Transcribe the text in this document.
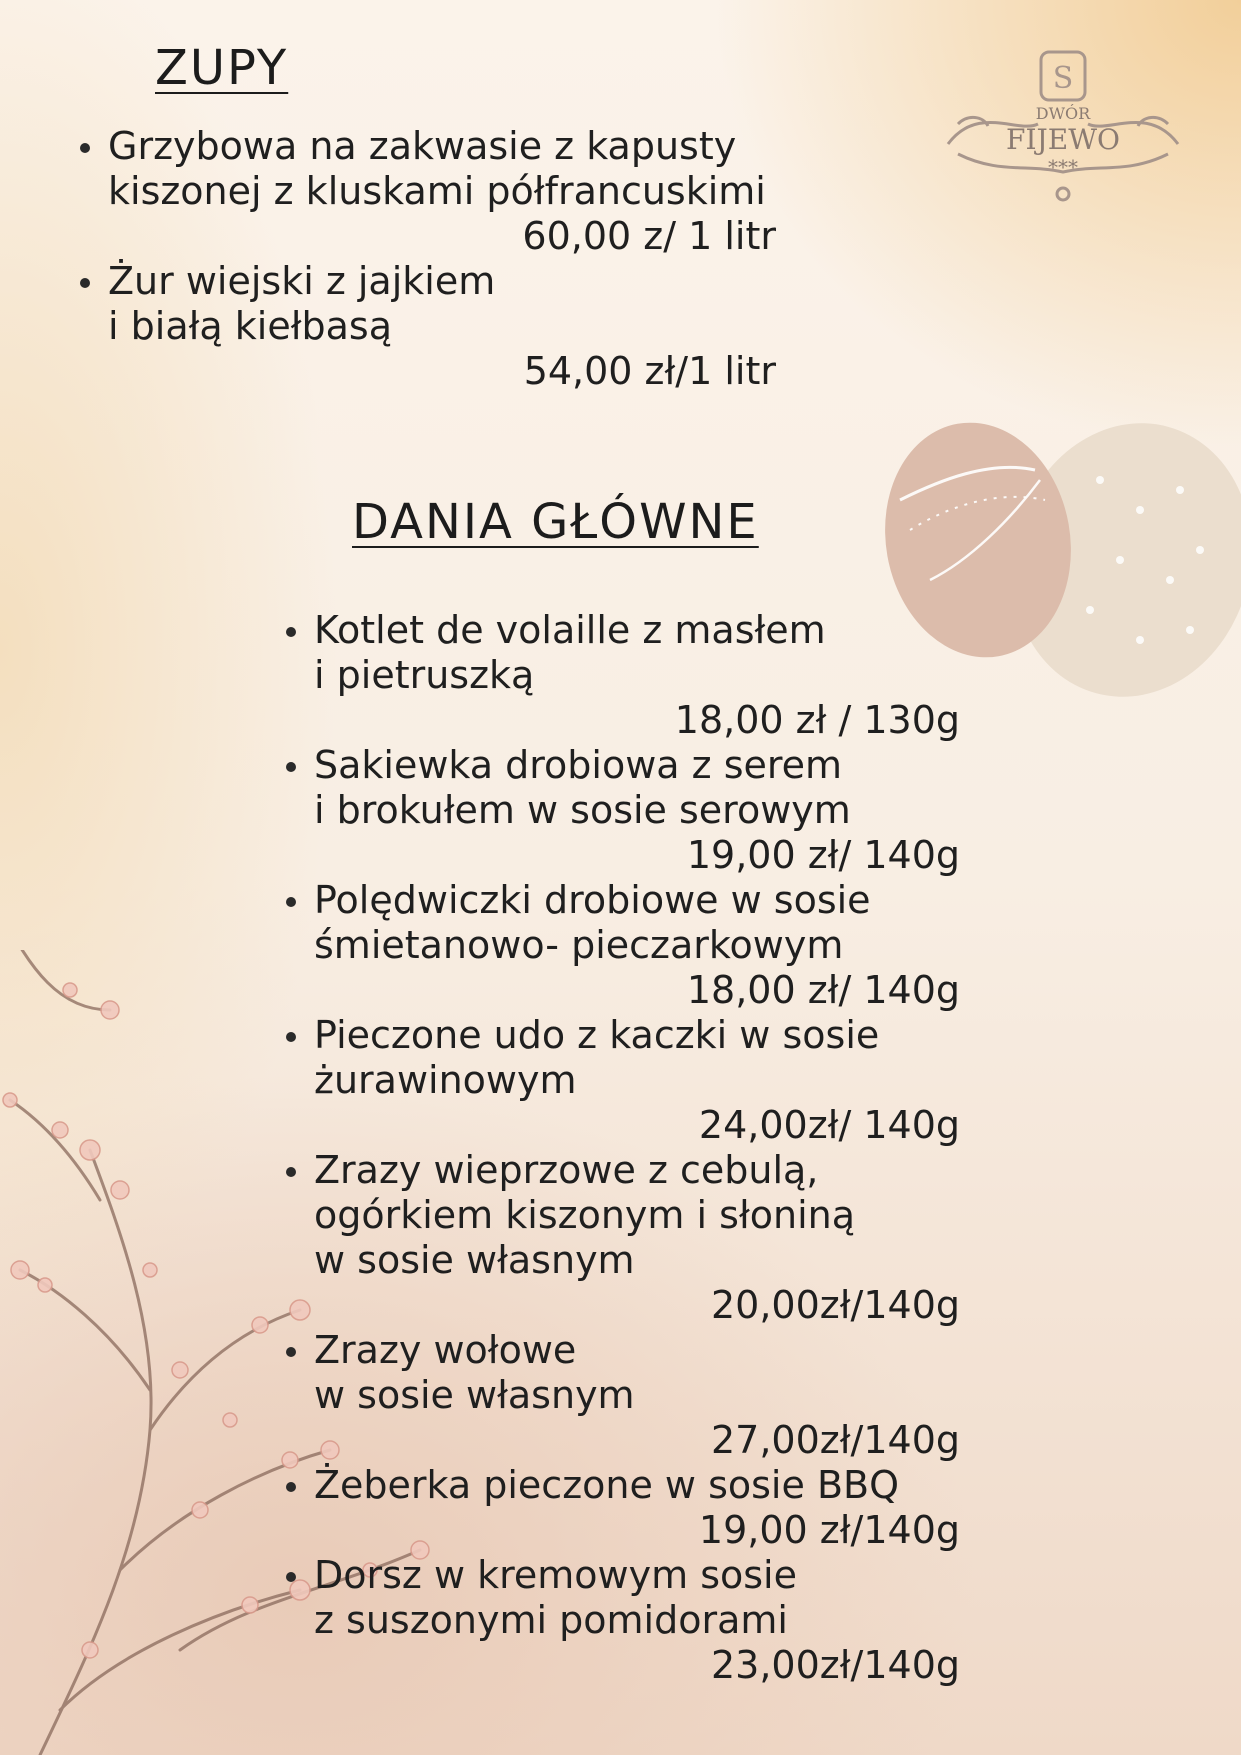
S
DWÓR
FIJEWO
***
ZUPY
Grzybowa na zakwasie z kapusty
kiszonej z kluskami półfrancuskimi
60,00 z/ 1 litr
Żur wiejski z jajkiem
i białą kiełbasą
54,00 zł/1 litr
DANIA GŁÓWNE
Kotlet de volaille z masłem
i pietruszką
18,00 zł / 130g
Sakiewka drobiowa z serem
i brokułem w sosie serowym
19,00 zł/ 140g
Polędwiczki drobiowe w sosie
śmietanowo- pieczarkowym
18,00 zł/ 140g
Pieczone udo z kaczki w sosie
żurawinowym
24,00zł/ 140g
Zrazy wieprzowe z cebulą,
ogórkiem kiszonym i słoniną
w sosie własnym
20,00zł/140g
Zrazy wołowe
w sosie własnym
27,00zł/140g
Żeberka pieczone w sosie BBQ
19,00 zł/140g
Dorsz w kremowym sosie
z suszonymi pomidorami
23,00zł/140g
